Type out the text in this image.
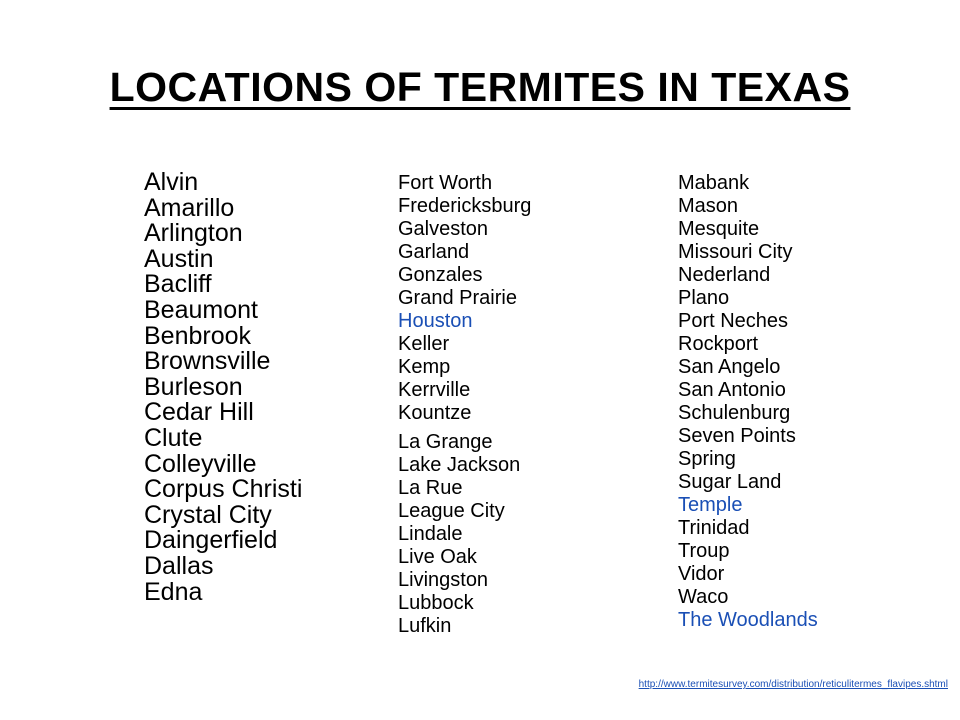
LOCATIONS OF TERMITES IN TEXAS
Alvin
Amarillo
Arlington
Austin
Bacliff
Beaumont
Benbrook
Brownsville
Burleson
Cedar Hill
Clute
Colleyville
Corpus Christi
Crystal City
Daingerfield
Dallas
Edna
Fort Worth
Fredericksburg
Galveston
Garland
Gonzales
Grand Prairie
Houston
Keller
Kemp
Kerrville
Kountze
La Grange
Lake Jackson
La Rue
League City
Lindale
Live Oak
Livingston
Lubbock
Lufkin
Mabank
Mason
Mesquite
Missouri City
Nederland
Plano
Port Neches
Rockport
San Angelo
San Antonio
Schulenburg
Seven Points
Spring
Sugar Land
Temple
Trinidad
Troup
Vidor
Waco
The Woodlands
http://www.termitesurvey.com/distribution/reticulitermes_flavipes.shtml
